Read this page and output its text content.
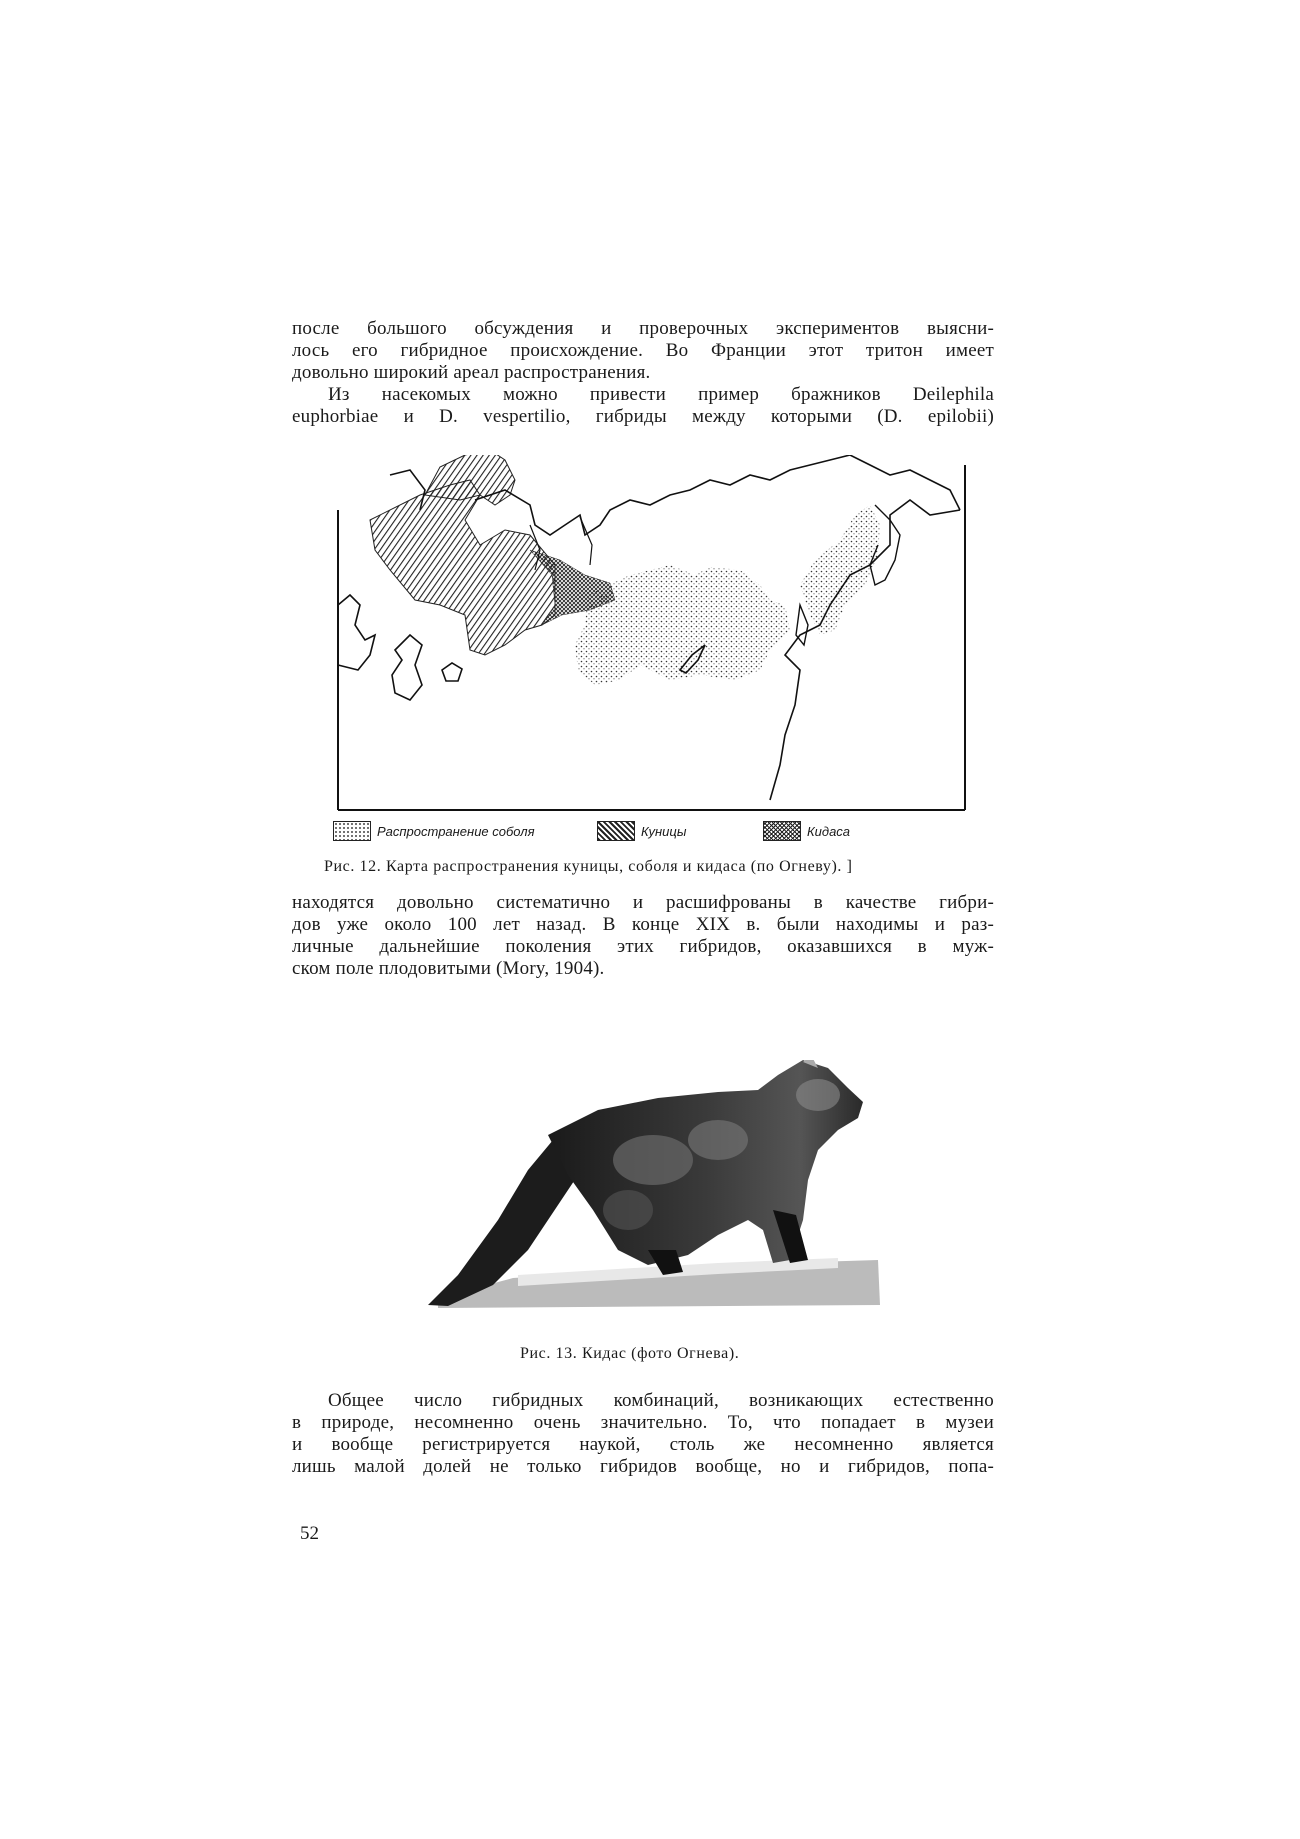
после большого обсуждения и проверочных экспериментов выясни-
лось его гибридное происхождение. Во Франции этот тритон имеет
довольно широкий ареал распространения.
Из насекомых можно привести пример бражников Deilephila
euphorbiae и D. vespertilio, гибриды между которыми (D. epilobii)
Распространение соболя	Куницы	Кидаса
Рис. 12. Карта распространения куницы, соболя и кидаса (по Огневу). ]
находятся довольно систематично и расшифрованы в качестве гибри-
дов уже около 100 лет назад. В конце XIX в. были находимы и раз-
личные дальнейшие поколения этих гибридов, оказавшихся в муж-
ском поле плодовитыми (Mory, 1904).
Рис. 13. Кидас (фото Огнева).
Общее число гибридных комбинаций, возникающих естественно
в природе, несомненно очень значительно. То, что попадает в музеи
и вообще регистрируется наукой, столь же несомненно является
лишь малой долей не только гибридов вообще, но и гибридов, попа-
52
